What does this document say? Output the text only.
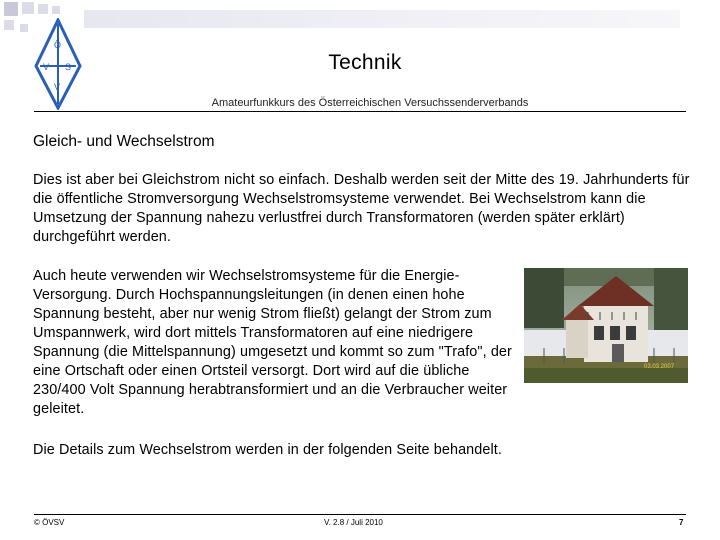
Ö
V S
V
Technik
Amateurfunkkurs des Österreichischen Versuchssenderverbands
Gleich- und Wechselstrom

Dies ist aber bei Gleichstrom nicht so einfach. Deshalb werden seit der Mitte des 19. Jahrhunderts für die öffentliche Stromversorgung Wechselstromsysteme verwendet. Bei Wechselstrom kann die Umsetzung der Spannung nahezu verlustfrei durch Transformatoren (werden später erklärt) durchgeführt werden.

Auch heute verwenden wir Wechselstromsysteme für die Energie-Versorgung. Durch Hochspannungsleitungen (in denen einen hohe Spannung besteht, aber nur wenig Strom fließt) gelangt der Strom zum Umspannwerk, wird dort mittels Transformatoren auf eine niedrigere Spannung (die Mittelspannung) umgesetzt und kommt so zum "Trafo", der eine Ortschaft oder einen Ortsteil versorgt. Dort wird auf die übliche 230/400 Volt Spannung herabtransformiert und an die Verbraucher weiter geleitet.

03.03.2007

Die Details zum Wechselstrom werden in der folgenden Seite behandelt.

© ÖVSV	V. 2.8 / Juli 2010	7
